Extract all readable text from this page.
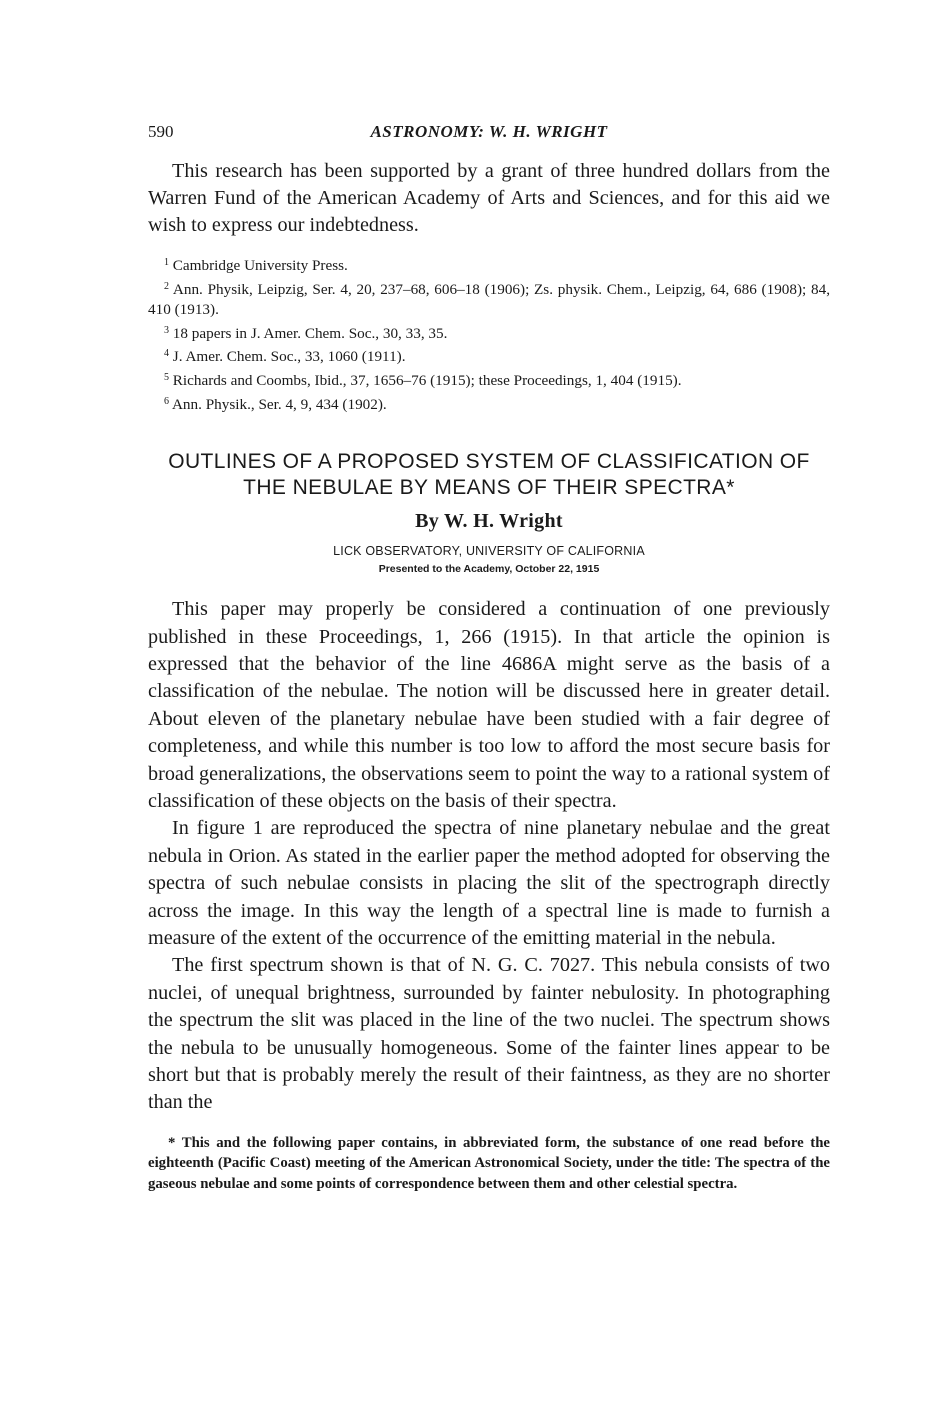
590	ASTRONOMY: W. H. WRIGHT

This research has been supported by a grant of three hundred dollars from the Warren Fund of the American Academy of Arts and Sciences, and for this aid we wish to express our indebtedness.

$^1$ Cambridge University Press.

$^2$ Ann. Physik, Leipzig, Ser. 4, 20, 237–68, 606–18 (1906); Zs. physik. Chem., Leipzig, 64, 686 (1908); 84, 410 (1913).

$^3$ 18 papers in J. Amer. Chem. Soc., 30, 33, 35.

$^4$ J. Amer. Chem. Soc., 33, 1060 (1911).

$^5$ Richards and Coombs, Ibid., 37, 1656–76 (1915); these Proceedings, 1, 404 (1915).

$^6$ Ann. Physik., Ser. 4, 9, 434 (1902).

OUTLINES OF A PROPOSED SYSTEM OF CLASSIFICATION OF

THE NEBULAE BY MEANS OF THEIR SPECTRA*

By W. H. Wright
LICK OBSERVATORY, UNIVERSITY OF CALIFORNIA
Presented to the Academy, October 22, 1915

This paper may properly be considered a continuation of one previously published in these Proceedings, 1, 266 (1915). In that article the opinion is expressed that the behavior of the line 4686A might serve as the basis of a classification of the nebulae. The notion will be discussed here in greater detail. About eleven of the planetary nebulae have been studied with a fair degree of completeness, and while this number is too low to afford the most secure basis for broad generalizations, the observations seem to point the way to a rational system of classification of these objects on the basis of their spectra.

In figure 1 are reproduced the spectra of nine planetary nebulae and the great nebula in Orion. As stated in the earlier paper the method adopted for observing the spectra of such nebulae consists in placing the slit of the spectrograph directly across the image. In this way the length of a spectral line is made to furnish a measure of the extent of the occurrence of the emitting material in the nebula.

The first spectrum shown is that of N. G. C. 7027. This nebula consists of two nuclei, of unequal brightness, surrounded by fainter nebulosity. In photographing the spectrum the slit was placed in the line of the two nuclei. The spectrum shows the nebula to be unusually homogeneous. Some of the fainter lines appear to be short but that is probably merely the result of their faintness, as they are no shorter than the

* This and the following paper contains, in abbreviated form, the substance of one read before the eighteenth (Pacific Coast) meeting of the American Astronomical Society, under the title: The spectra of the gaseous nebulae and some points of correspondence between them and other celestial spectra.
